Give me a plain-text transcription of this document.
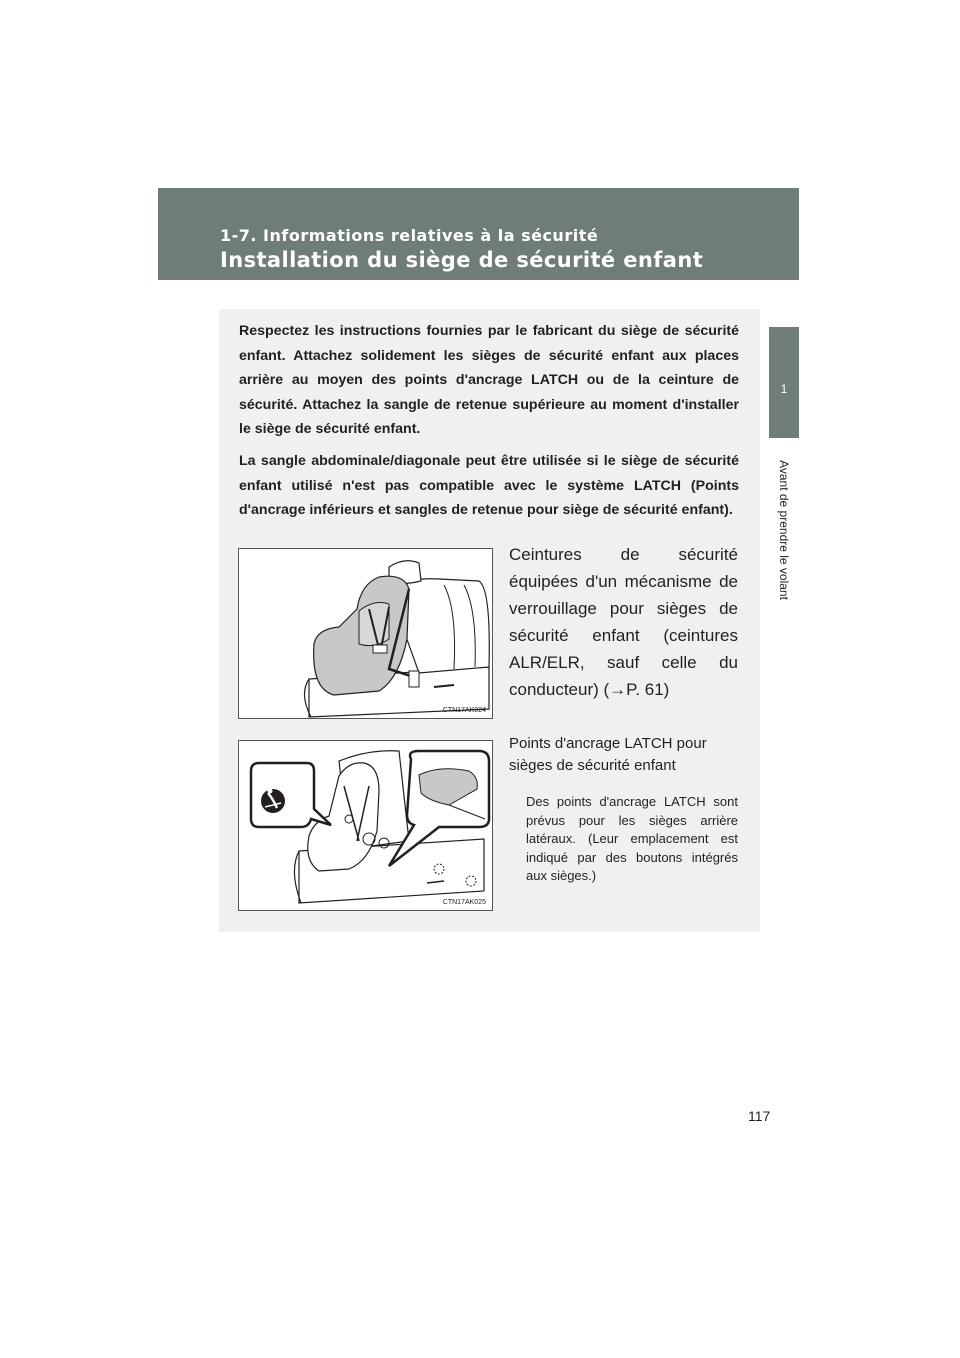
1-7. Informations relatives à la sécurité
Installation du siège de sécurité enfant
1
Avant de prendre le volant

Respectez les instructions fournies par le fabricant du siège de sécurité enfant. Attachez solidement les sièges de sécurité enfant aux places arrière au moyen des points d'ancrage LATCH ou de la ceinture de sécurité. Attachez la sangle de retenue supérieure au moment d'installer le siège de sécurité enfant.

La sangle abdominale/diagonale peut être utilisée si le siège de sécurité enfant utilisé n'est pas compatible avec le système LATCH (Points d'ancrage inférieurs et sangles de retenue pour siège de sécurité enfant).

CTN17AK024
Ceintures de sécurité équipées d'un mécanisme de verrouillage pour sièges de sécurité enfant (ceintures ALR/ELR, sauf celle du conducteur) (→P. 61)
CTN17AK025
Points d'ancrage LATCH pour sièges de sécurité enfant
Des points d'ancrage LATCH sont prévus pour les sièges arrière latéraux. (Leur emplacement est indiqué par des boutons intégrés aux sièges.)
117
